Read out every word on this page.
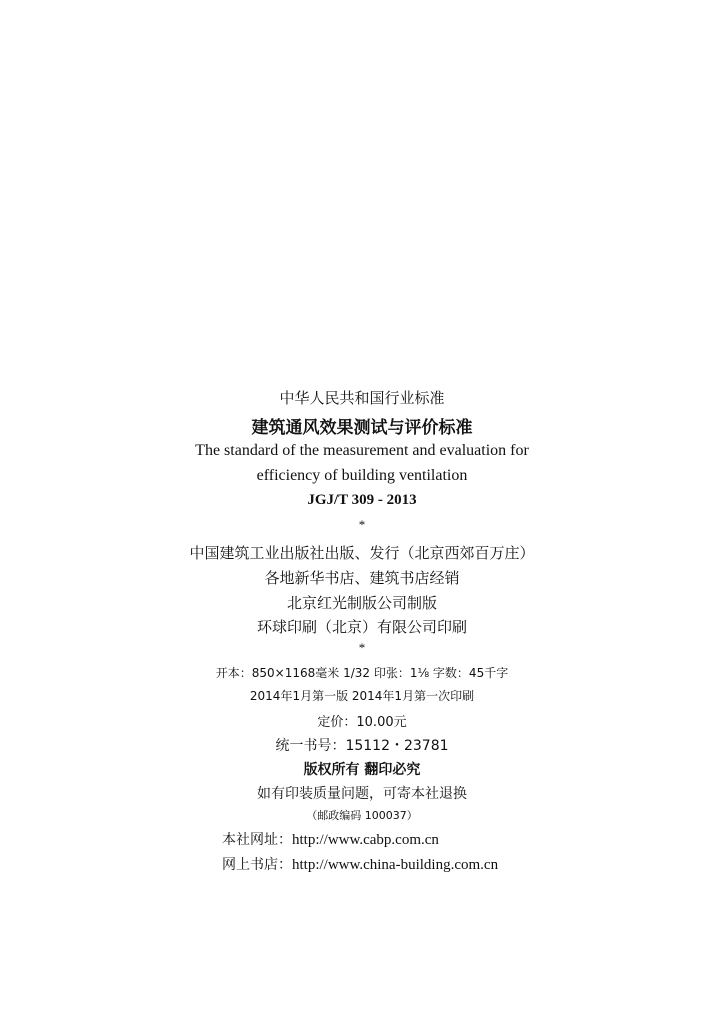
中华人民共和国行业标准
建筑通风效果测试与评价标准
The standard of the measurement and evaluation for
efficiency of building ventilation
JGJ/T 309 - 2013
*
中国建筑工业出版社出版、发行（北京西郊百万庄）
各地新华书店、建筑书店经销
北京红光制版公司制版
环球印刷（北京）有限公司印刷
*
开本：850×1168毫米 1/32 印张：1⅛ 字数：45千字
2014年1月第一版 2014年1月第一次印刷
定价：10.00元
统一书号：15112・23781
版权所有 翻印必究
如有印装质量问题，可寄本社退换
（邮政编码 100037）
本社网址：http://www.cabp.com.cn
网上书店：http://www.china-building.com.cn
